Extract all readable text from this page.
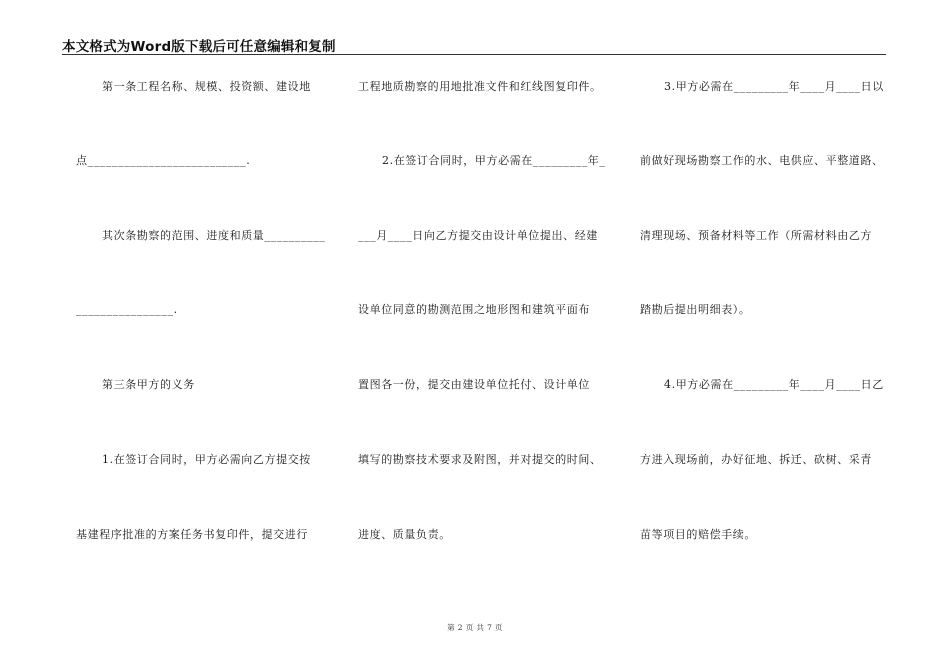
本文格式为Word版下载后可任意编辑和复制
第一条工程名称、规模、投资额、建设地
点__________________________.
其次条勘察的范围、进度和质量__________
________________.
第三条甲方的义务
1.在签订合同时，甲方必需向乙方提交按
基建程序批准的方案任务书复印件，提交进行
工程地质勘察的用地批准文件和红线图复印件。
2.在签订合同时，甲方必需在_________年_
___月____日向乙方提交由设计单位提出、经建
设单位同意的勘测范围之地形图和建筑平面布
置图各一份，提交由建设单位托付、设计单位
填写的勘察技术要求及附图，并对提交的时间、
进度、质量负责。
3.甲方必需在_________年____月____日以
前做好现场勘察工作的水、电供应、平整道路、
清理现场、预备材料等工作（所需材料由乙方
踏勘后提出明细表）。
4.甲方必需在_________年____月____日乙
方进入现场前，办好征地、拆迁、砍树、采青
苗等项目的赔偿手续。
第 2 页 共 7 页
